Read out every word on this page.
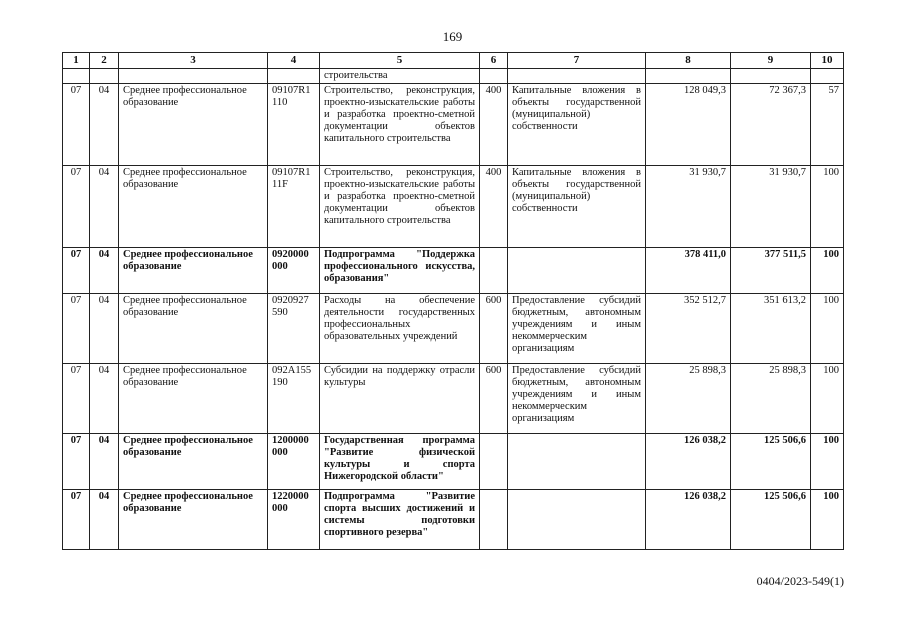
169
1	2	3	4	5	6	7	8	9	10
				строительства					
07	04	Среднее профессиональное образование	09107R1 110	Строительство, реконструкция, проектно-изыскательские работы и разработка проектно-сметной документации объектов капитального строительства	400	Капитальные вложения в объекты государственной (муниципальной) собственности	128 049,3	72 367,3	57
07	04	Среднее профессиональное образование	09107R1 11F	Строительство, реконструкция, проектно-изыскательские работы и разработка проектно-сметной документации объектов капитального строительства	400	Капитальные вложения в объекты государственной (муниципальной) собственности	31 930,7	31 930,7	100
07	04	Среднее профессиональное образование	0920000 000	Подпрограмма "Поддержка профессионального искусства, образования"			378 411,0	377 511,5	100
07	04	Среднее профессиональное образование	0920927 590	Расходы на обеспечение деятельности государственных профессиональных образовательных учреждений	600	Предоставление субсидий бюджетным, автономным учреждениям и иным некоммерческим организациям	352 512,7	351 613,2	100
07	04	Среднее профессиональное образование	092А155 190	Субсидии на поддержку отрасли культуры	600	Предоставление субсидий бюджетным, автономным учреждениям и иным некоммерческим организациям	25 898,3	25 898,3	100
07	04	Среднее профессиональное образование	1200000 000	Государственная программа "Развитие физической культуры и спорта Нижегородской области"			126 038,2	125 506,6	100
07	04	Среднее профессиональное образование	1220000 000	Подпрограмма "Развитие спорта высших достижений и системы подготовки спортивного резерва"			126 038,2	125 506,6	100
0404/2023-549(1)
